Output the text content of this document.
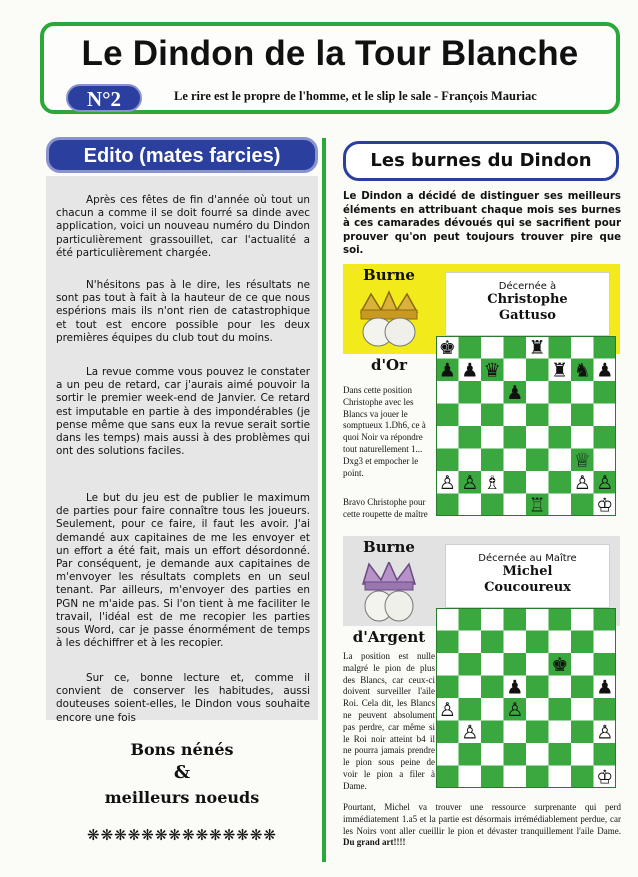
Le Dindon de la Tour Blanche
N°2	Le rire est le propre de l'homme, et le slip le sale - François Mauriac
Edito (mates farcies)

Après ces fêtes de fin d'année où tout un chacun a comme il se doit fourré sa dinde avec application, voici un nouveau numéro du Dindon particulièrement grassouillet, car l'actualité a été particulièrement chargée.

N'hésitons pas à le dire, les résultats ne sont pas tout à fait à la hauteur de ce que nous espérions mais ils n'ont rien de catastrophique et tout est encore possible pour les deux premières équipes du club tout du moins.

La revue comme vous pouvez le constater a un peu de retard, car j'aurais aimé pouvoir la sortir le premier week-end de Janvier. Ce retard est imputable en partie à des impondérables (je pense même que sans eux la revue serait sortie dans les temps) mais aussi à des problèmes qui ont des solutions faciles.

Le but du jeu est de publier le maximum de parties pour faire connaître tous les joueurs. Seulement, pour ce faire, il faut les avoir. J'ai demandé aux capitaines de me les envoyer et un effort a été fait, mais un effort désordonné. Par conséquent, je demande aux capitaines de m'envoyer les résultats complets en un seul tenant. Par ailleurs, m'envoyer des parties en PGN ne m'aide pas. Si l'on tient à me faciliter le travail, l'idéal est de me recopier les parties sous Word, car je passe énormément de temps à les déchiffrer et à les recopier.

Sur ce, bonne lecture et, comme il convient de conserver les habitudes, aussi douteuses soient-elles, le Dindon vous souhaite encore une fois

Bons nénés
&
meilleurs noeuds
❋❋❋❋❋❋❋❋❋❋❋❋❋❋
Les burnes du Dindon
Le Dindon a décidé de distinguer ses meilleurs éléments en attribuant chaque mois ses burnes à ces camarades dévoués qui se sacrifient pour prouver qu'on peut toujours trouver pire que soi.
Décernée à
Christophe
Gattuso
Burne
d'Or

Dans cette position Christophe avec les Blancs va jouer le somptueux 1.Dh6, ce à quoi Noir va répondre tout naturellement 1... Dxg3 et empocher le point.

Bravo Christophe pour cette roupette de maître

♚	♜
♟ ♟ ♛	♜ ♞ ♟
♟
♕
♙ ♙ ♗	♙ ♙
♖	♔
Décernée au Maître
Michel
Coucoureux
Burne
d'Argent

La position est nulle malgré le pion de plus des Blancs, car ceux-ci doivent surveiller l'aile Roi. Cela dit, les Blancs ne peuvent absolument pas perdre, car même si le Roi noir atteint b4 il ne pourra jamais prendre le pion sous peine de voir le pion a filer à Dame.

Pourtant, Michel va trouver une ressource surprenante qui perd immédiatement 1.a5 et la partie est désormais irrémédiablement perdue, car les Noirs vont aller cueillir le pion et dévaster tranquillement l'aile Dame. Du grand art!!!!

♚
♟	♟
♙	♙
♙	♙
♔
